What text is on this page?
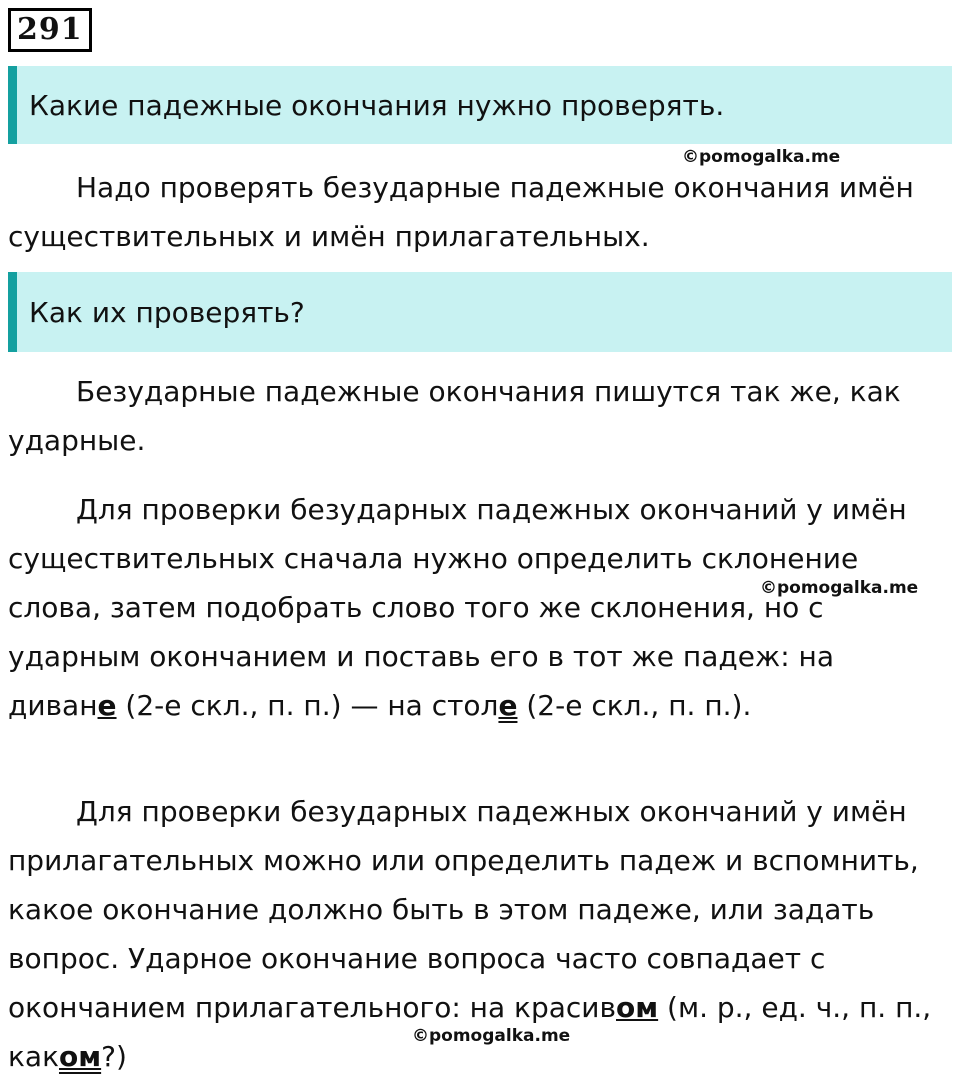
291
Какие падежные окончания нужно проверять.
©pomogalka.me

Надо проверять безударные падежные окончания имён существительных и имён прилагательных.

Как их проверять?

Безударные падежные окончания пишутся так же, как ударные.

Для проверки безударных падежных окончаний у имён существительных сначала нужно определить склонение слова, затем подобрать слово того же склонения, но с ударным окончанием и поставь его в тот же падеж: на диване (2-е скл., п. п.) — на столе (2-е скл., п. п.).

©pomogalka.me

Для проверки безударных падежных окончаний у имён прилагательных можно или определить падеж и вспомнить, какое окончание должно быть в этом падеже, или задать вопрос. Ударное окончание вопроса часто совпадает с окончанием прилагательного: на красивом (м. р., ед. ч., п. п., каком?)

©pomogalka.me
